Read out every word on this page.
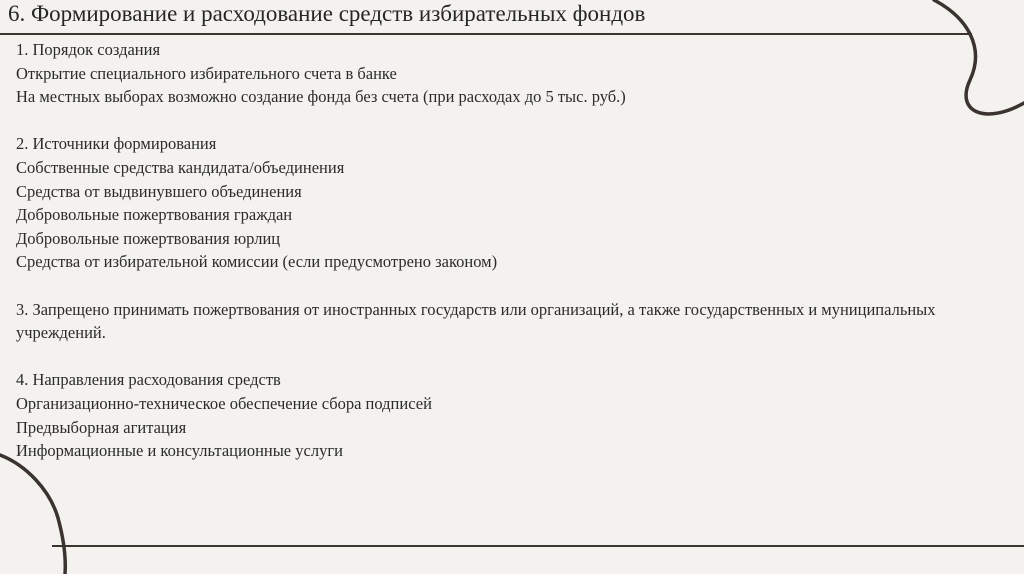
6. Формирование и расходование средств избирательных фондов
1. Порядок создания
Открытие специального избирательного счета в банке
На местных выборах возможно создание фонда без счета (при расходах до 5 тыс. руб.)
2. Источники формирования
Собственные средства кандидата/объединения
Средства от выдвинувшего объединения
Добровольные пожертвования граждан
Добровольные пожертвования юрлиц
Средства от избирательной комиссии (если предусмотрено законом)
3. Запрещено принимать пожертвования от иностранных государств или организаций, а также государственных и муниципальных учреждений.
4. Направления расходования средств
Организационно-техническое обеспечение сбора подписей
Предвыборная агитация
Информационные и консультационные услуги
